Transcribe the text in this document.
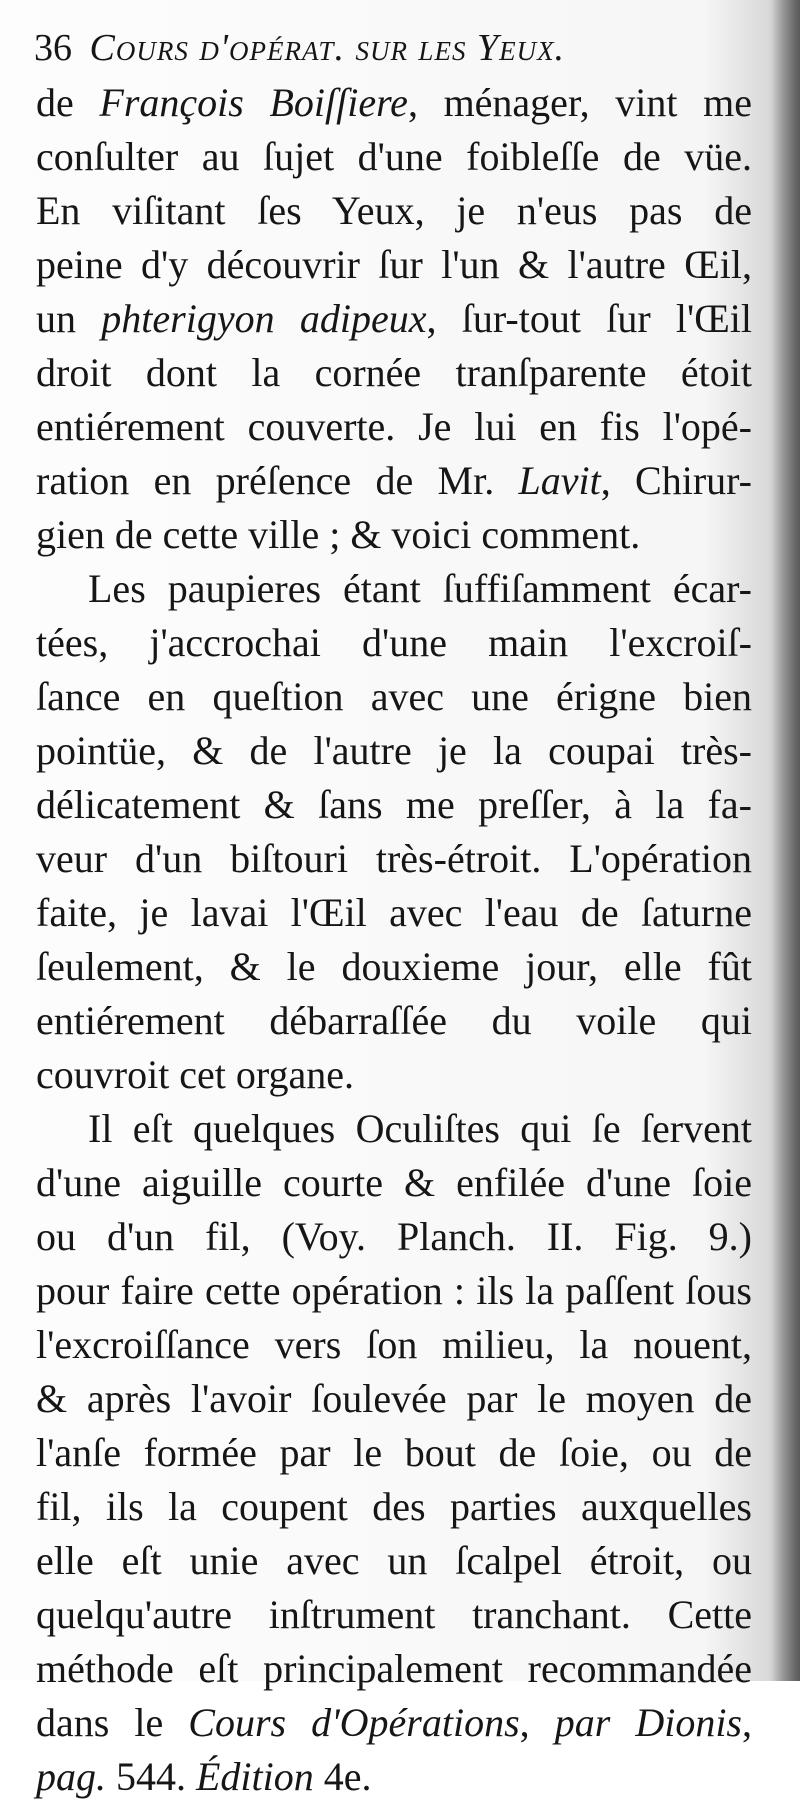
36 Cours d'opérat. sur les Yeux.
de François Boiſſiere, ménager, vint me
conſulter au ſujet d'une foibleſſe de vüe.
En viſitant ſes Yeux, je n'eus pas de
peine d'y découvrir ſur l'un & l'autre Œil,
un phterigyon adipeux, ſur-tout ſur l'Œil
droit dont la cornée tranſparente étoit
entiérement couverte. Je lui en fis l'opé-
ration en préſence de Mr. Lavit, Chirur-
gien de cette ville ; & voici comment.
Les paupieres étant ſuffiſamment écar-
tées, j'accrochai d'une main l'excroiſ-
ſance en queſtion avec une érigne bien
pointüe, & de l'autre je la coupai très-
délicatement & ſans me preſſer, à la fa-
veur d'un biſtouri très-étroit. L'opération
faite, je lavai l'Œil avec l'eau de ſaturne
ſeulement, & le douxieme jour, elle fût
entiérement débarraſſée du voile qui
couvroit cet organe.
Il eſt quelques Oculiſtes qui ſe ſervent
d'une aiguille courte & enfilée d'une ſoie
ou d'un fil, (Voy. Planch. II. Fig. 9.)
pour faire cette opération : ils la paſſent ſous
l'excroiſſance vers ſon milieu, la nouent,
& après l'avoir ſoulevée par le moyen de
l'anſe formée par le bout de ſoie, ou de
fil, ils la coupent des parties auxquelles
elle eſt unie avec un ſcalpel étroit, ou
quelqu'autre inſtrument tranchant. Cette
méthode eſt principalement recommandée
dans le Cours d'Opérations, par Dionis,
pag. 544. Édition 4e.
